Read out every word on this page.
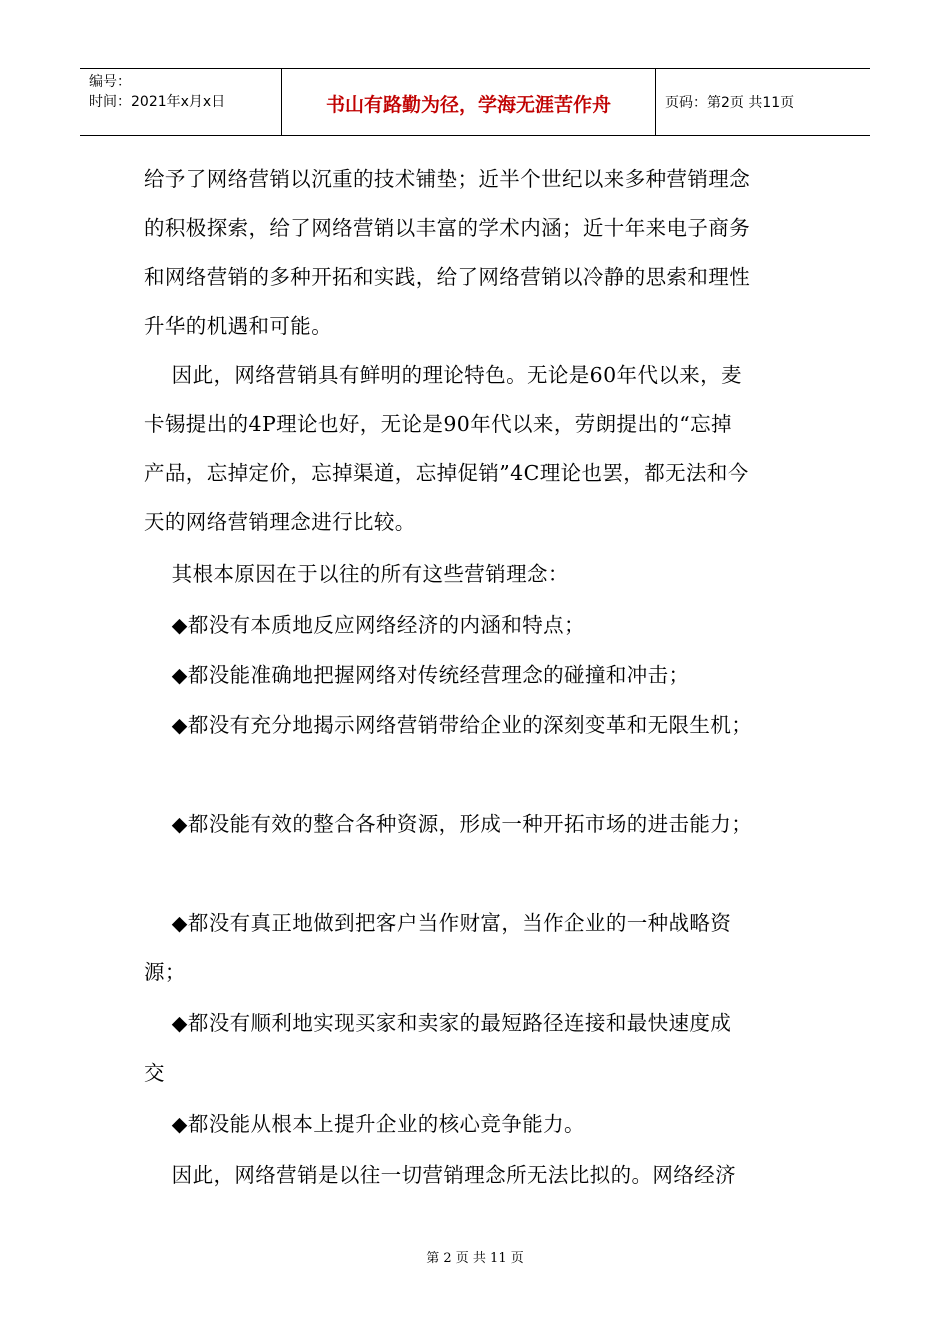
编号：
时间：2021年x月x日	书山有路勤为径，学海无涯苦作舟	页码：第2页 共11页
给予了网络营销以沉重的技术铺垫；近半个世纪以来多种营销理念
的积极探索，给了网络营销以丰富的学术内涵；近十年来电子商务
和网络营销的多种开拓和实践，给了网络营销以冷静的思索和理性
升华的机遇和可能。
因此，网络营销具有鲜明的理论特色。无论是60年代以来，麦
卡锡提出的4P理论也好，无论是90年代以来，劳朗提出的“忘掉
产品，忘掉定价，忘掉渠道，忘掉促销”4C理论也罢，都无法和今
天的网络营销理念进行比较。
其根本原因在于以往的所有这些营销理念：
◆都没有本质地反应网络经济的内涵和特点；
◆都没能准确地把握网络对传统经营理念的碰撞和冲击；
◆都没有充分地揭示网络营销带给企业的深刻变革和无限生机；
◆都没能有效的整合各种资源，形成一种开拓市场的进击能力；
◆都没有真正地做到把客户当作财富，当作企业的一种战略资
源；
◆都没有顺利地实现买家和卖家的最短路径连接和最快速度成
交
◆都没能从根本上提升企业的核心竞争能力。
因此，网络营销是以往一切营销理念所无法比拟的。网络经济
第 2 页 共 11 页
